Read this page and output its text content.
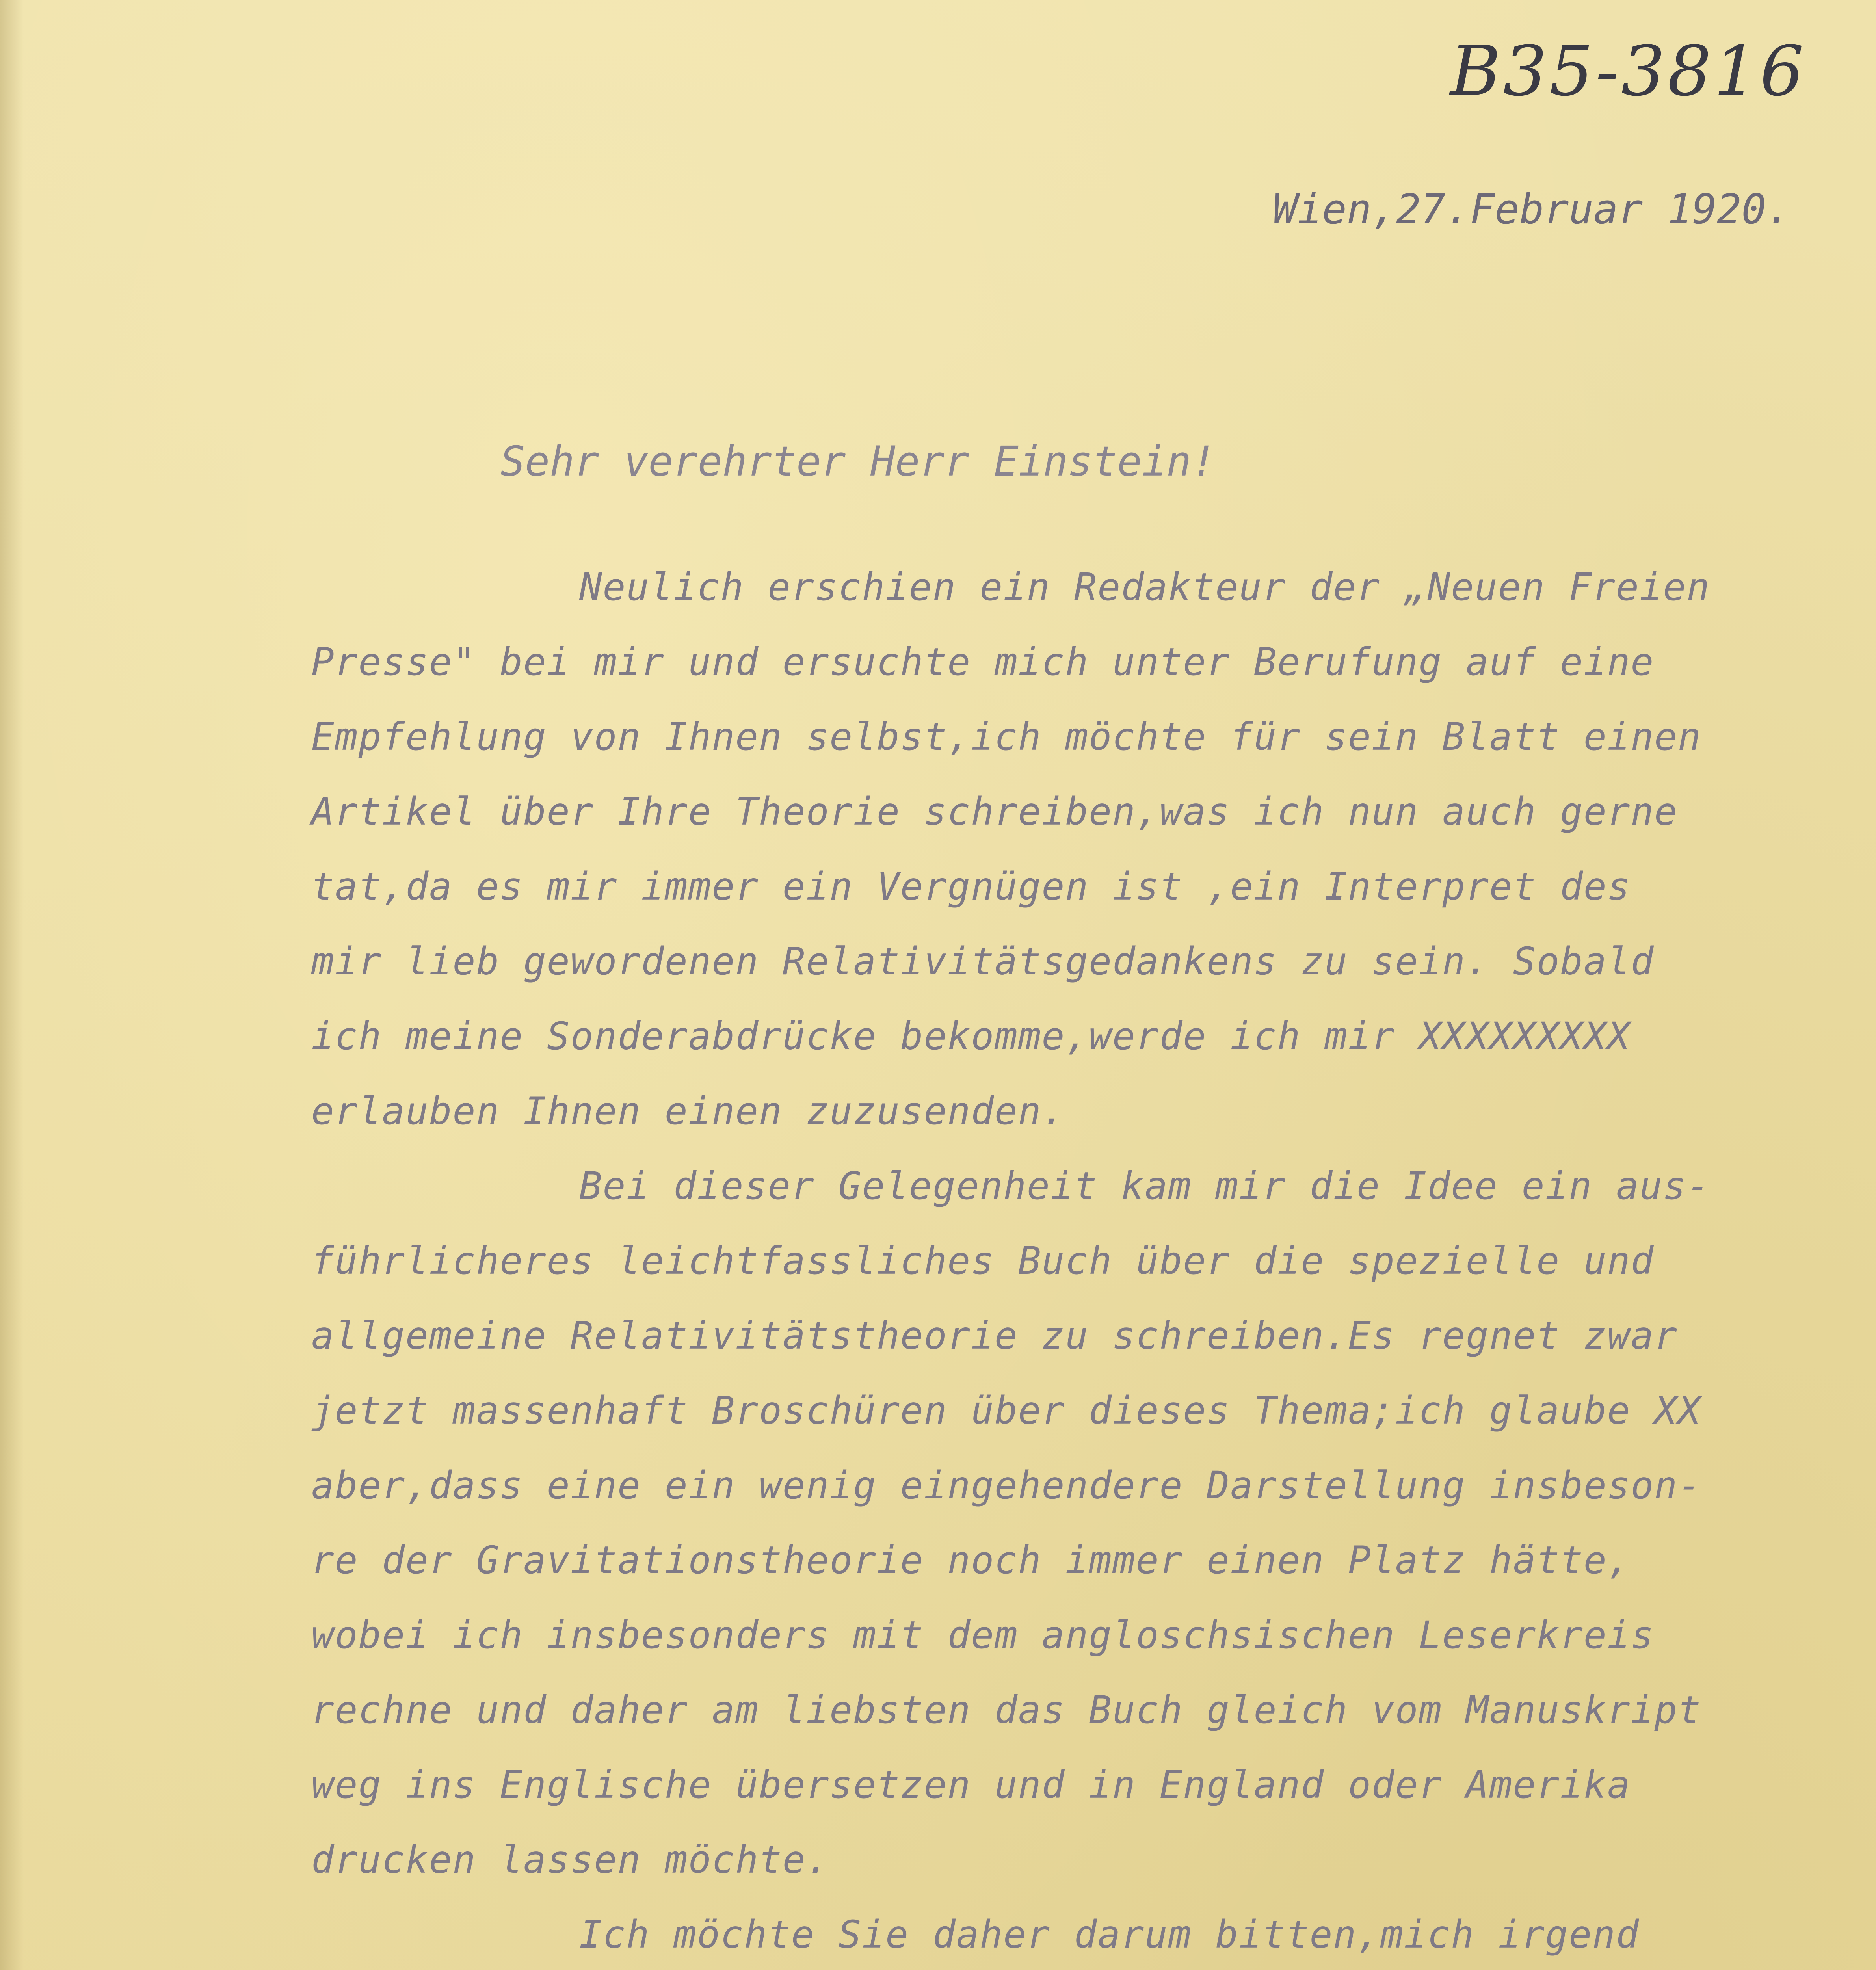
B35-3816
Wien,27.Februar 1920.
Sehr verehrter Herr Einstein!
Neulich erschien ein Redakteur der „Neuen Freien
Presse" bei mir und ersuchte mich unter Berufung auf eine
Empfehlung von Ihnen selbst,ich möchte für sein Blatt einen
Artikel über Ihre Theorie schreiben,was ich nun auch gerne
tat,da es mir immer ein Vergnügen ist ,ein Interpret des
mir lieb gewordenen Relativitätsgedankens zu sein. Sobald
ich meine Sonderabdrücke bekomme,werde ich mir XXXXXXXXX
erlauben Ihnen einen zuzusenden.
Bei dieser Gelegenheit kam mir die Idee ein aus-
führlicheres leichtfassliches Buch über die spezielle und
allgemeine Relativitätstheorie zu schreiben.Es regnet zwar
jetzt massenhaft Broschüren über dieses Thema;ich glaube XX
aber,dass eine ein wenig eingehendere Darstellung insbeson-
re der Gravitationstheorie noch immer einen Platz hätte,
wobei ich insbesonders mit dem angloschsischen Leserkreis
rechne und daher am liebsten das Buch gleich vom Manuskript
weg ins Englische übersetzen und in England oder Amerika
drucken lassen möchte.
Ich möchte Sie daher darum bitten,mich irgend
